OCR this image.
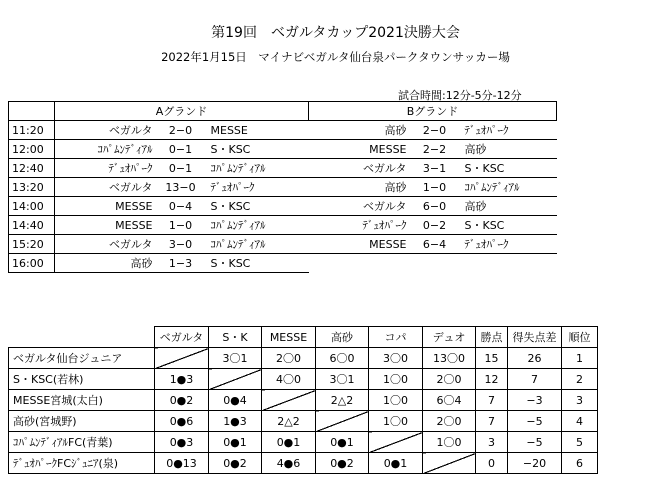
第19回　ベガルタカップ2021決勝大会
2022年1月15日　マイナビベガルタ仙台泉パークタウンサッカー場
試合時間:12分-5分-12分
	Aグランド			Bグランド		
11:20	ベガルタ	2−0	MESSE	高砂	2−0	ﾃﾞｭｵﾊﾟｰｸ
12:00	ｺﾊﾟﾑﾝﾃﾞｨｱﾙ	0−1	S・KSC	MESSE	2−2	高砂
12:40	ﾃﾞｭｵﾊﾟｰｸ	0−1	ｺﾊﾟﾑﾝﾃﾞｨｱﾙ	ベガルタ	3−1	S・KSC
13:20	ベガルタ	13−0	ﾃﾞｭｵﾊﾟｰｸ	高砂	1−0	ｺﾊﾟﾑﾝﾃﾞｨｱﾙ
14:00	MESSE	0−4	S・KSC	ベガルタ	6−0	高砂
14:40	MESSE	1−0	ｺﾊﾟﾑﾝﾃﾞｨｱﾙ	ﾃﾞｭｵﾊﾟｰｸ	0−2	S・KSC
15:20	ベガルタ	3−0	ｺﾊﾟﾑﾝﾃﾞｨｱﾙ	MESSE	6−4	ﾃﾞｭｵﾊﾟｰｸ
16:00	高砂	1−3	S・KSC			
	ベガルタ	S・K	MESSE	高砂	コパ	デュオ	勝点	得失点差	順位
ベガルタ仙台ジュニア		3〇1	2〇0	6〇0	3〇0	13〇0	15	26	1
S・KSC(若林)	1●3		4〇0	3〇1	1〇0	2〇0	12	7	2
MESSE宮城(太白)	0●2	0●4		2△2	1〇0	6〇4	7	−3	3
高砂(宮城野)	0●6	1●3	2△2		1〇0	2〇0	7	−5	4
ｺﾊﾟﾑﾝﾃﾞｨｱﾙFC(青葉)	0●3	0●1	0●1	0●1		1〇0	3	−5	5
ﾃﾞｭｵﾊﾟｰｸFCｼﾞｭﾆｱ(泉)	0●13	0●2	4●6	0●2	0●1		0	−20	6
